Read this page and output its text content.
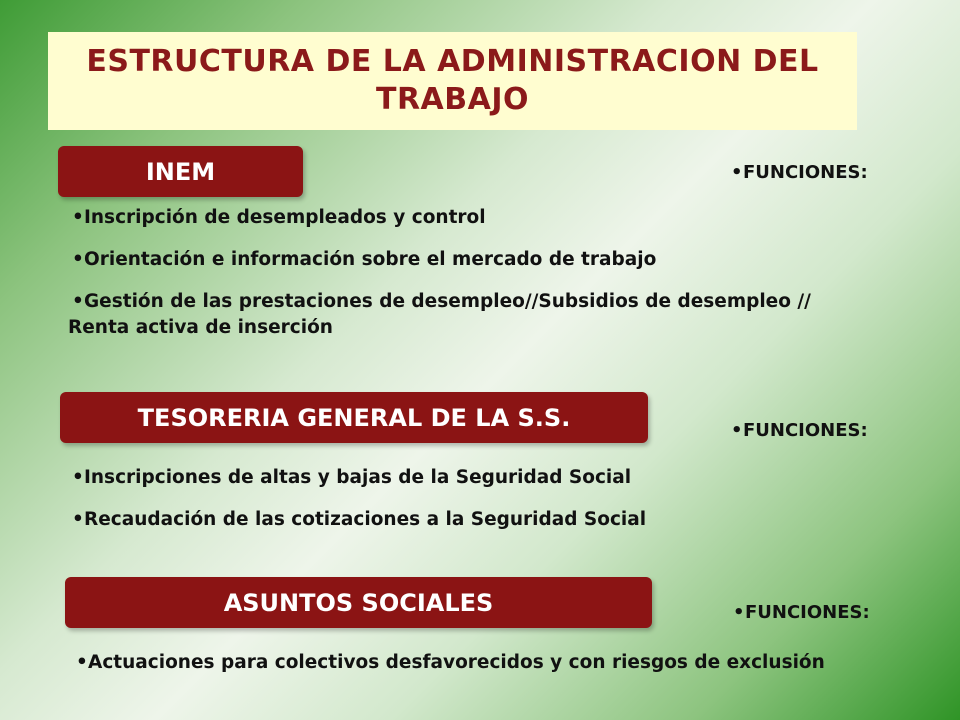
ESTRUCTURA DE LA ADMINISTRACION DEL TRABAJO
INEM	•FUNCIONES:
•Inscripción de desempleados y control
•Orientación e información sobre el mercado de trabajo
•Gestión de las prestaciones de desempleo//Subsidios de desempleo // Renta activa de inserción
TESORERIA GENERAL DE LA S.S.	•FUNCIONES:
•Inscripciones de altas y bajas de la Seguridad Social
•Recaudación de las cotizaciones a la Seguridad Social
ASUNTOS SOCIALES	•FUNCIONES:
•Actuaciones para colectivos desfavorecidos y con riesgos de exclusión
